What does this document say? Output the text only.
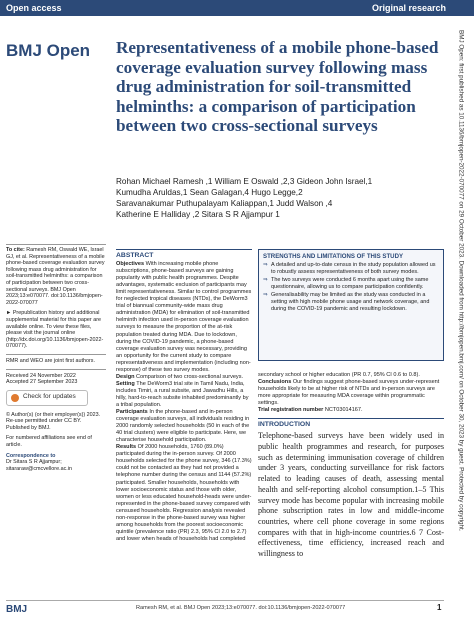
Open access	Original research
BMJ Open Representativeness of a mobile phone-based coverage evaluation survey following mass drug administration for soil-transmitted helminths: a comparison of participation between two cross-sectional surveys
Rohan Michael Ramesh ,1 William E Oswald ,2,3 Gideon John Israel,1
Kumudha Aruldas,1 Sean Galagan,4 Hugo Legge,2
Saravanakumar Puthupalayam Kaliappan,1 Judd Walson ,4
Katherine E Halliday ,2 Sitara S R Ajjampur 1

To cite: Ramesh RM, Oswald WE, Israel GJ, et al. Representativeness of a mobile phone-based coverage evaluation survey following mass drug administration for soil-transmitted helminths: a comparison of participation between two cross-sectional surveys. BMJ Open 2023;13:e070077. doi:10.1136/bmjopen-2022-070077

► Prepublication history and additional supplemental material for this paper are available online. To view these files, please visit the journal online (http://dx.doi.org/10.1136/bmjopen-2022-070077).

RMR and WEO are joint first authors.

Received 24 November 2022

Accepted 27 September 2023

Check for updates

© Author(s) (or their employer(s)) 2023. Re-use permitted under CC BY. Published by BMJ.

For numbered affiliations see end of article.

Correspondence to
Dr Sitara S R Ajjampur;
sitararaw@cmcvellore.ac.in

ABSTRACT

Objectives With increasing mobile phone subscriptions, phone-based surveys are gaining popularity with public health programmes. Despite advantages, systematic exclusion of participants may limit representativeness. Similar to control programmes for neglected tropical diseases (NTDs), the DeWorm3 trial of biannual community-wide mass drug administration (MDA) for elimination of soil-transmitted helminth infection used in-person coverage evaluation surveys to measure the proportion of the at-risk population treated during MDA. Due to lockdown, during the COVID-19 pandemic, a phone-based coverage evaluation survey was necessary, providing an opportunity for the current study to compare representativeness and implementation (including non-response) of these two survey modes.

Design Comparison of two cross-sectional surveys.

Setting The DeWorm3 trial site in Tamil Nadu, India, includes Timiri, a rural subsite, and Jawadhu Hills, a hilly, hard-to-reach subsite inhabited predominantly by a tribal population.

Participants In the phone-based and in-person coverage evaluation surveys, all individuals residing in 2000 randomly selected households (50 in each of the 40 trial clusters) were eligible to participate. Here, we characterise household participation.

Results Of 2000 households, 1760 (89.0%) participated during the in-person survey. Of 2000 households selected for the phone survey, 346 (17.3%) could not be contacted as they had not provided a telephone number during the census and 1144 (57.2%) participated. Smaller households, households with lower socioeconomic status and those with older, women or less educated household-heads were under-represented in the phone-based survey compared with censused households. Regression analysis revealed non-response in the phone-based survey was higher among households from the poorest socioeconomic quintile (prevalence ratio (PR) 2.3, 95% CI 2.0 to 2.7) and lower when heads of households had completed

STRENGTHS AND LIMITATIONS OF THIS STUDY
⇒ A detailed and up-to-date census in the study population allowed us to robustly assess representativeness of both survey modes.
⇒ The two surveys were conducted 6 months apart using the same questionnaire, allowing us to compare participation confidently.
⇒ Generalisability may be limited as the study was conducted in a setting with high mobile phone usage and network coverage, and during the COVID-19 pandemic and resulting lockdown.

secondary school or higher education (PR 0.7, 95% CI 0.6 to 0.8).

Conclusions Our findings suggest phone-based surveys under-represent households likely to be at higher risk of NTDs and in-person surveys are more appropriate for measuring MDA coverage within programmatic settings.

Trial registration number NCT03014167.

INTRODUCTION

Telephone-based surveys have been widely used in public health programmes and research, for purposes such as determining immunisation coverage of children under 3 years, conducting surveillance for risk factors related to leading causes of death, assessing mental health and self-reporting alcohol consumption.1–5 This survey mode has become popular with increasing mobile phone subscription rates in low and middle-income countries, where cell phone coverage in some regions compares with that in high-income countries.6 7 Cost-effectiveness, time efficiency, increased reach and willingness to

BMJ	Ramesh RM, et al. BMJ Open 2023;13:e070077. doi:10.1136/bmjopen-2022-070077	1
BMJ Open: first published as 10.1136/bmjopen-2022-070077 on 29 October 2023. Downloaded from http://bmjopen.bmj.com/ on October 30, 2023 by guest. Protected by copyright.
